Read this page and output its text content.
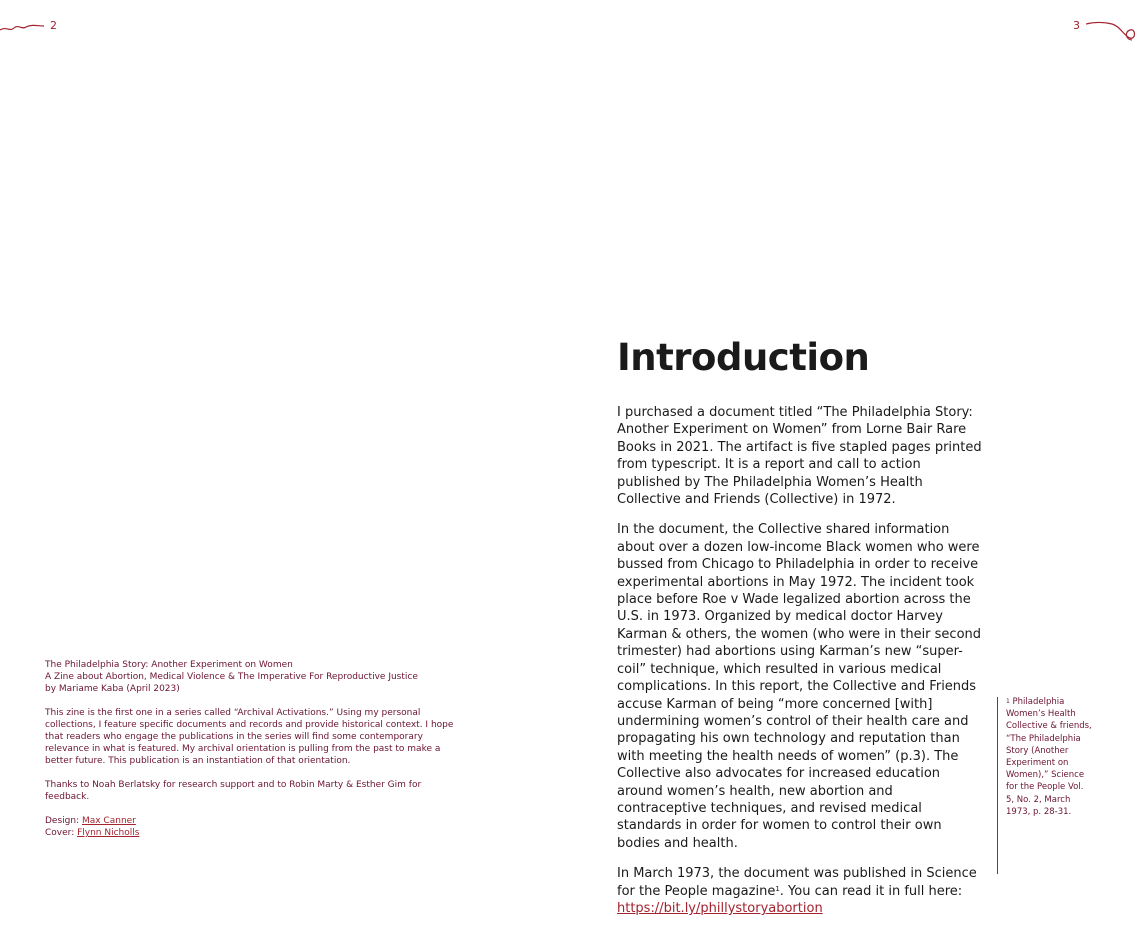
2	3

The Philadelphia Story: Another Experiment on Women
A Zine about Abortion, Medical Violence & The Imperative For Reproductive Justice
by Mariame Kaba (April 2023)

This zine is the first one in a series called “Archival Activations.” Using my personal collections, I feature specific documents and records and provide historical context. I hope that readers who engage the publications in the series will find some contemporary relevance in what is featured. My archival orientation is pulling from the past to make a better future. This publication is an instantiation of that orientation.

Thanks to Noah Berlatsky for research support and to Robin Marty & Esther Gim for feedback.

Design: Max Canner
Cover: Flynn Nicholls

Introduction

I purchased a document titled “The Philadelphia Story: Another Experiment on Women” from Lorne Bair Rare Books in 2021. The artifact is five stapled pages printed from typescript. It is a report and call to action published by The Philadelphia Women’s Health Collective and Friends (Collective) in 1972.

In the document, the Collective shared information about over a dozen low-income Black women who were bussed from Chicago to Philadelphia in order to receive experimental abortions in May 1972. The incident took place before Roe v Wade legalized abortion across the U.S. in 1973. Organized by medical doctor Harvey Karman & others, the women (who were in their second trimester) had abortions using Karman’s new “super-coil” technique, which resulted in various medical complications. In this report, the Collective and Friends accuse Karman of being “more concerned [with] undermining women’s control of their health care and propagating his own technology and reputation than with meeting the health needs of women” (p.3). The Collective also advocates for increased education around women’s health, new abortion and contraceptive techniques, and revised medical standards in order for women to control their own bodies and health.

In March 1973, the document was published in Science for the People magazine$^1$. You can read it in full here: https://bit.ly/​phillystoryabortion

$^1$ Philadelphia Women’s Health Collective & friends, “The Philadelphia Story (Another Experiment on Women),” Science for the People Vol. 5, No. 2, March 1973, p. 28-31.
